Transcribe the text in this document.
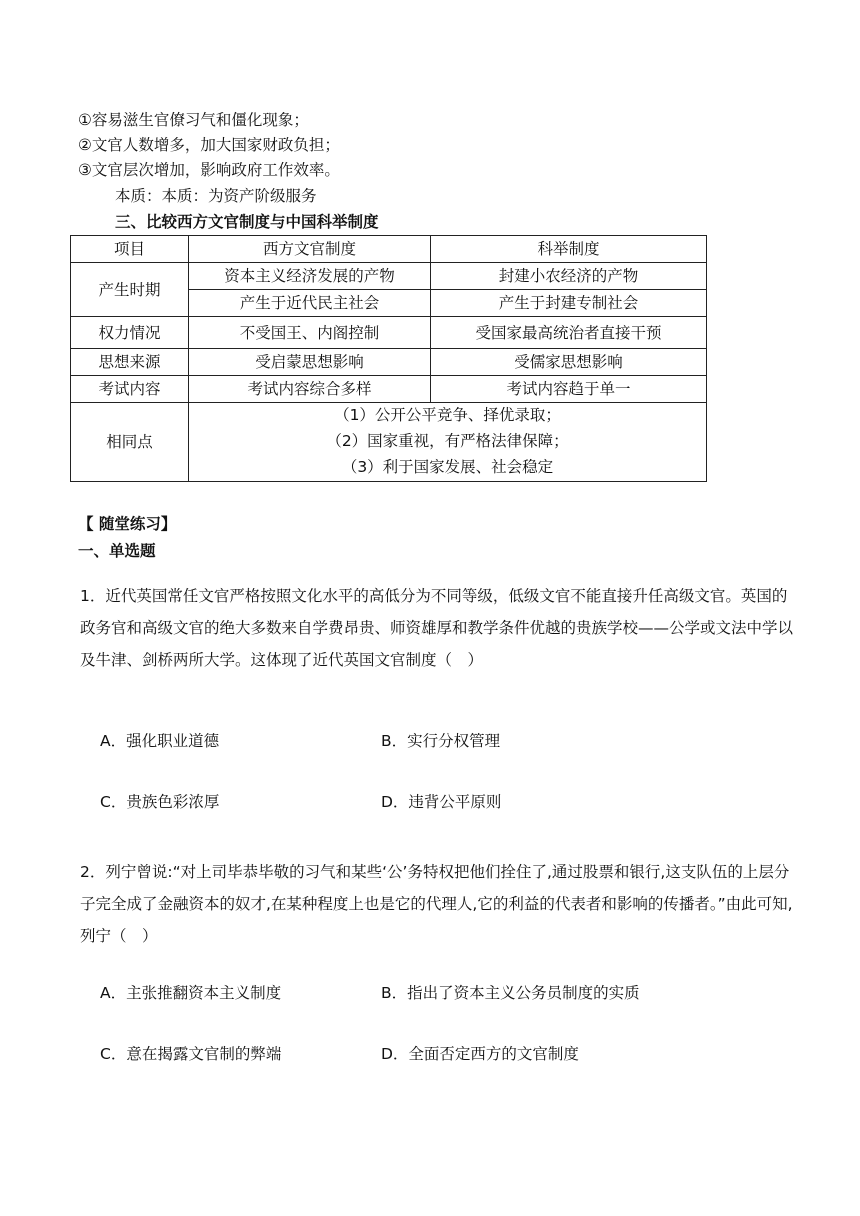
①容易滋生官僚习气和僵化现象；
②文官人数增多，加大国家财政负担；
③文官层次增加，影响政府工作效率。
本质：本质：为资产阶级服务
三、比较西方文官制度与中国科举制度
项目	西方文官制度	科举制度
产生时期	资本主义经济发展的产物	封建小农经济的产物
	产生于近代民主社会	产生于封建专制社会
权力情况	不受国王、内阁控制	受国家最高统治者直接干预
思想来源	受启蒙思想影响	受儒家思想影响
考试内容	考试内容综合多样	考试内容趋于单一
相同点	（1）公开公平竞争、择优录取；
（2）国家重视，有严格法律保障；
（3）利于国家发展、社会稳定	
【 随堂练习】
一、单选题
1．近代英国常任文官严格按照文化水平的高低分为不同等级，低级文官不能直接升任高级文官。英国的政务官和高级文官的绝大多数来自学费昂贵、师资雄厚和教学条件优越的贵族学校——公学或文法中学以及牛津、剑桥两所大学。这体现了近代英国文官制度（　）
A．强化职业道德	B．实行分权管理
C．贵族色彩浓厚	D．违背公平原则
2．列宁曾说:“对上司毕恭毕敬的习气和某些‘公’务特权把他们拴住了,通过股票和银行,这支队伍的上层分子完全成了金融资本的奴才,在某种程度上也是它的代理人,它的利益的代表者和影响的传播者。”由此可知,列宁（　）
A．主张推翻资本主义制度	B．指出了资本主义公务员制度的实质
C．意在揭露文官制的弊端	D．全面否定西方的文官制度
